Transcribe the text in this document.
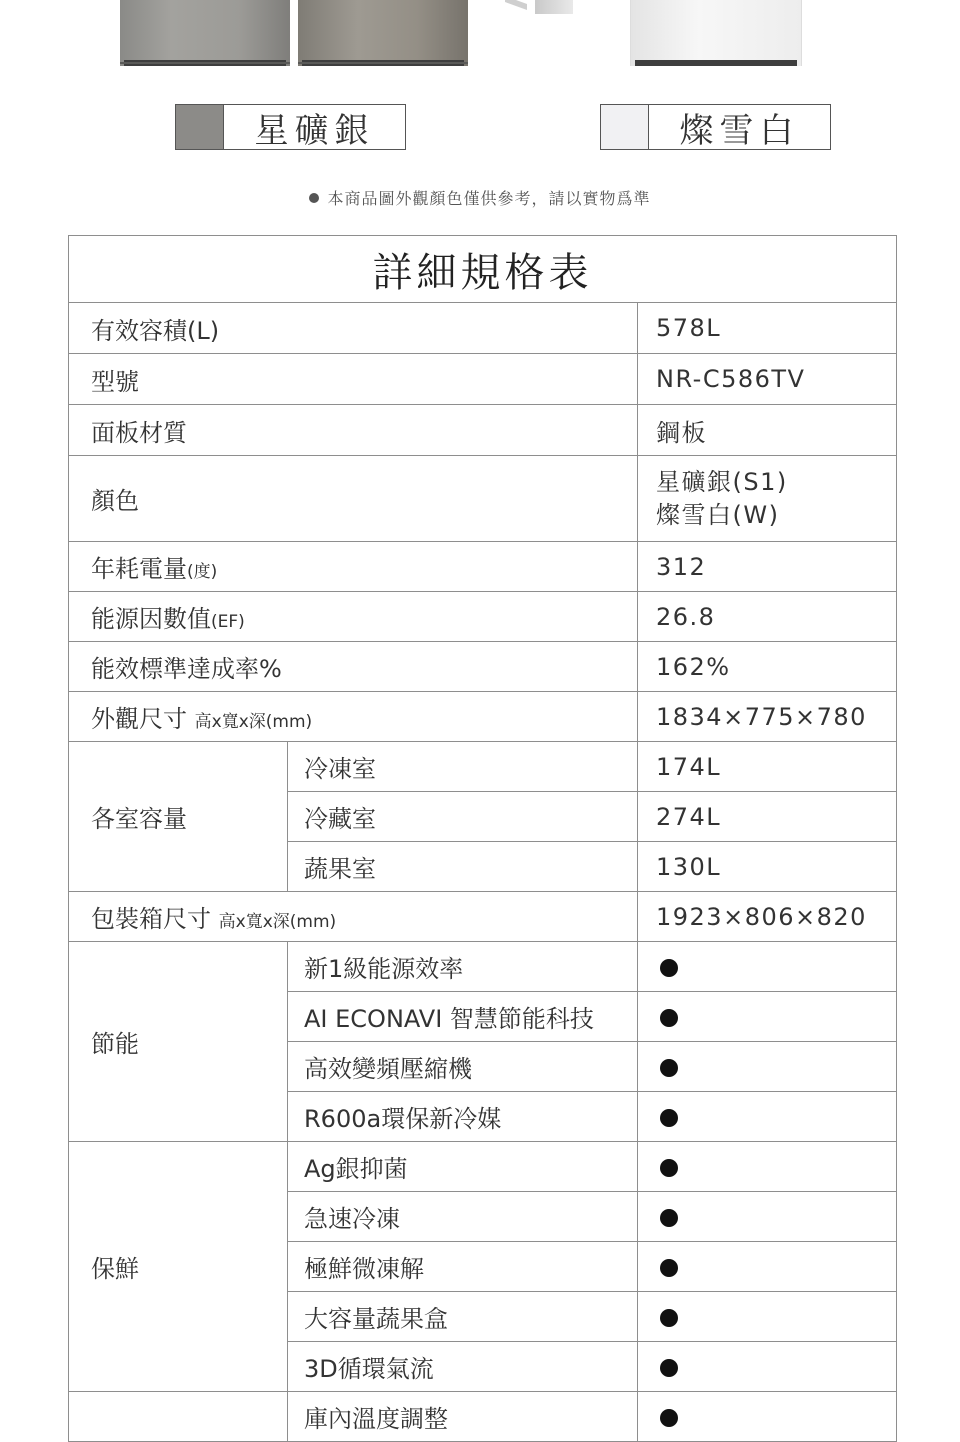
星礦銀	燦雪白
本商品圖外觀顏色僅供參考，請以實物爲準
詳細規格表		
有效容積(L)		578L
型號		NR-C586TV
面板材質		鋼板
顏色		星礦銀(S1)
燦雪白(W)

年耗電量(度)		312
能源因數值(EF)		26.8
能效標準達成率%		162%
外觀尺寸 高x寬x深(mm)		1834×775×780
各室容量	冷凍室	174L
	冷藏室	274L
	蔬果室	130L
包裝箱尺寸 高x寬x深(mm)		1923×806×820
節能	新1級能源效率	
	AI ECONAVI 智慧節能科技	
	高效變頻壓縮機	
	R600a環保新冷媒	
保鮮	Ag銀抑菌	
	急速冷凍	
	極鮮微凍解	
	大容量蔬果盒	
	3D循環氣流	
	庫內溫度調整	
